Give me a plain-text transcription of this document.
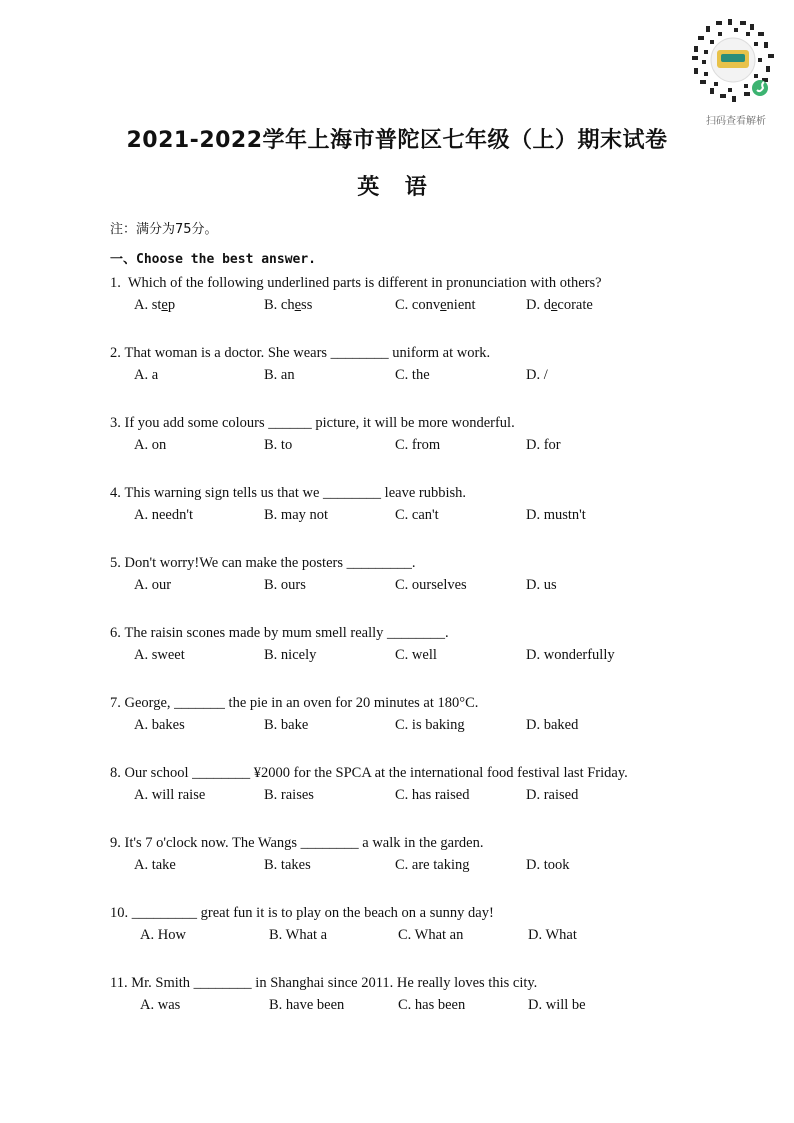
扫码查看解析
2021-2022学年上海市普陀区七年级（上）期末试卷
英 语
注：满分为75分。
一、Choose the best answer.
1. Which of the following underlined parts is different in pronunciation with others?
A. step	B. chess	C. convenient	D. decorate
2. That woman is a doctor. She wears ________ uniform at work.
A. a	B. an	C. the	D. /
3. If you add some colours ______ picture, it will be more wonderful.
A. on	B. to	C. from	D. for
4. This warning sign tells us that we ________ leave rubbish.
A. needn't	B. may not	C. can't	D. mustn't
5. Don't worry!We can make the posters _________.
A. our	B. ours	C. ourselves	D. us
6. The raisin scones made by mum smell really ________.
A. sweet	B. nicely	C. well	D. wonderfully
7. George, _______ the pie in an oven for 20 minutes at 180°C.
A. bakes	B. bake	C. is baking	D. baked
8. Our school ________ ¥2000 for the SPCA at the international food festival last Friday.
A. will raise	B. raises	C. has raised	D. raised
9. It's 7 o'clock now. The Wangs ________ a walk in the garden.
A. take	B. takes	C. are taking	D. took
10. _________ great fun it is to play on the beach on a sunny day!
A. How	B. What a	C. What an	D. What
11. Mr. Smith ________ in Shanghai since 2011. He really loves this city.
A. was	B. have been	C. has been	D. will be
